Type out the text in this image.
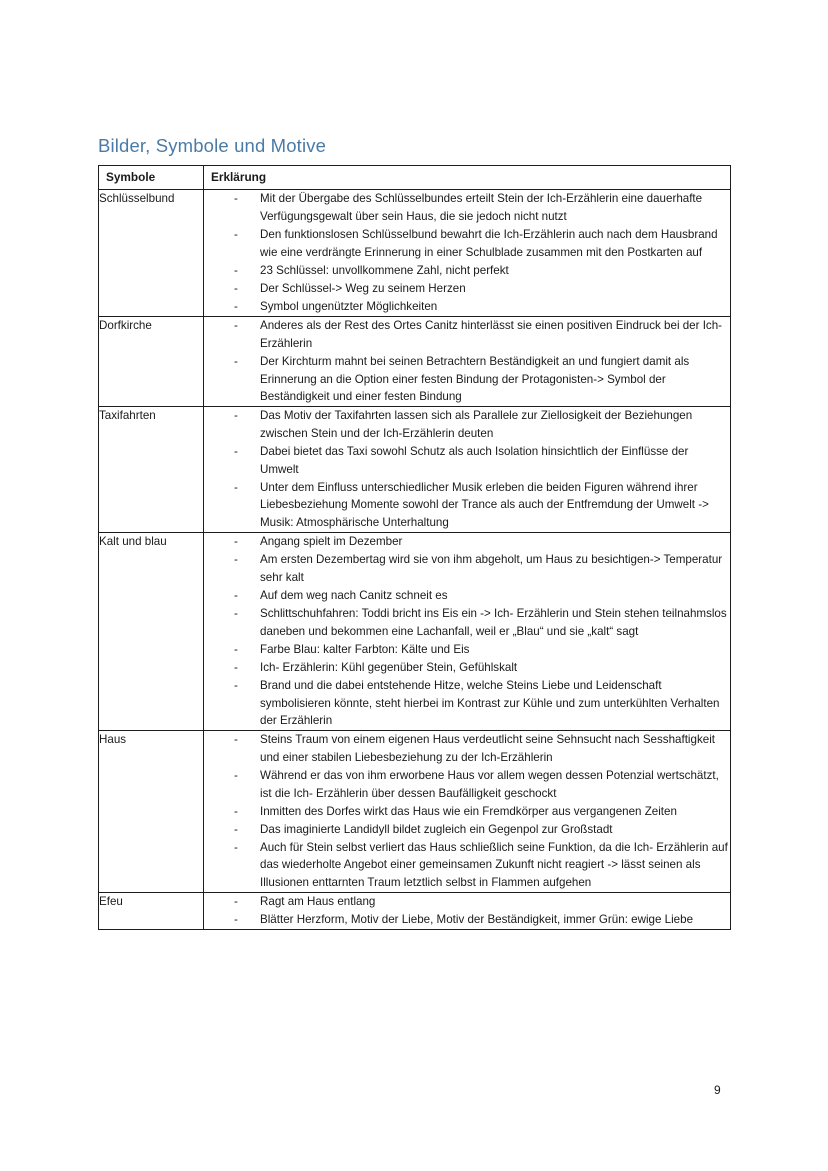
Bilder, Symbole und Motive
Symbole	Erklärung
Schlüsselbund	
-Mit der Übergabe des Schlüsselbundes erteilt Stein der Ich-Erzählerin eine dauerhafte Verfügungsgewalt über sein Haus, die sie jedoch nicht nutzt
- Den funktionslosen Schlüsselbund bewahrt die Ich-Erzählerin auch nach dem Hausbrand wie eine verdrängte Erinnerung in einer Schulblade zusammen mit den Postkarten auf
- 23 Schlüssel: unvollkommene Zahl, nicht perfekt
- Der Schlüssel-> Weg zu seinem Herzen
- Symbol ungenützter Möglichkeiten

Dorfkirche	
-Anderes als der Rest des Ortes Canitz hinterlässt sie einen positiven Eindruck bei der Ich-Erzählerin
- Der Kirchturm mahnt bei seinen Betrachtern Beständigkeit an und fungiert damit als Erinnerung an die Option einer festen Bindung der Protagonisten-> Symbol der Beständigkeit und einer festen Bindung

Taxifahrten	
-Das Motiv der Taxifahrten lassen sich als Parallele zur Ziellosigkeit der Beziehungen zwischen Stein und der Ich-Erzählerin deuten
- Dabei bietet das Taxi sowohl Schutz als auch Isolation hinsichtlich der Einflüsse der Umwelt
- Unter dem Einfluss unterschiedlicher Musik erleben die beiden Figuren während ihrer Liebesbeziehung Momente sowohl der Trance als auch der Entfremdung der Umwelt -> Musik: Atmosphärische Unterhaltung

Kalt und blau	
-Angang spielt im Dezember
- Am ersten Dezembertag wird sie von ihm abgeholt, um Haus zu besichtigen-> Temperatur sehr kalt
- Auf dem weg nach Canitz schneit es
- Schlittschuhfahren: Toddi bricht ins Eis ein -> Ich- Erzählerin und Stein stehen teilnahmslos daneben und bekommen eine Lachanfall, weil er „Blau“ und sie „kalt“ sagt
- Farbe Blau: kalter Farbton: Kälte und Eis
- Ich- Erzählerin: Kühl gegenüber Stein, Gefühlskalt
- Brand und die dabei entstehende Hitze, welche Steins Liebe und Leidenschaft symbolisieren könnte, steht hierbei im Kontrast zur Kühle und zum unterkühlten Verhalten der Erzählerin

Haus	
-Steins Traum von einem eigenen Haus verdeutlicht seine Sehnsucht nach Sesshaftigkeit und einer stabilen Liebesbeziehung zu der Ich-Erzählerin
- Während er das von ihm erworbene Haus vor allem wegen dessen Potenzial wertschätzt, ist die Ich- Erzählerin über dessen Baufälligkeit geschockt
- Inmitten des Dorfes wirkt das Haus wie ein Fremdkörper aus vergangenen Zeiten
- Das imaginierte Landidyll bildet zugleich ein Gegenpol zur Großstadt
- Auch für Stein selbst verliert das Haus schließlich seine Funktion, da die Ich- Erzählerin auf das wiederholte Angebot einer gemeinsamen Zukunft nicht reagiert -> lässt seinen als Illusionen enttarnten Traum letztlich selbst in Flammen aufgehen

Efeu	
-Ragt am Haus entlang
- Blätter Herzform, Motiv der Liebe, Motiv der Beständigkeit, immer Grün: ewige Liebe
9
